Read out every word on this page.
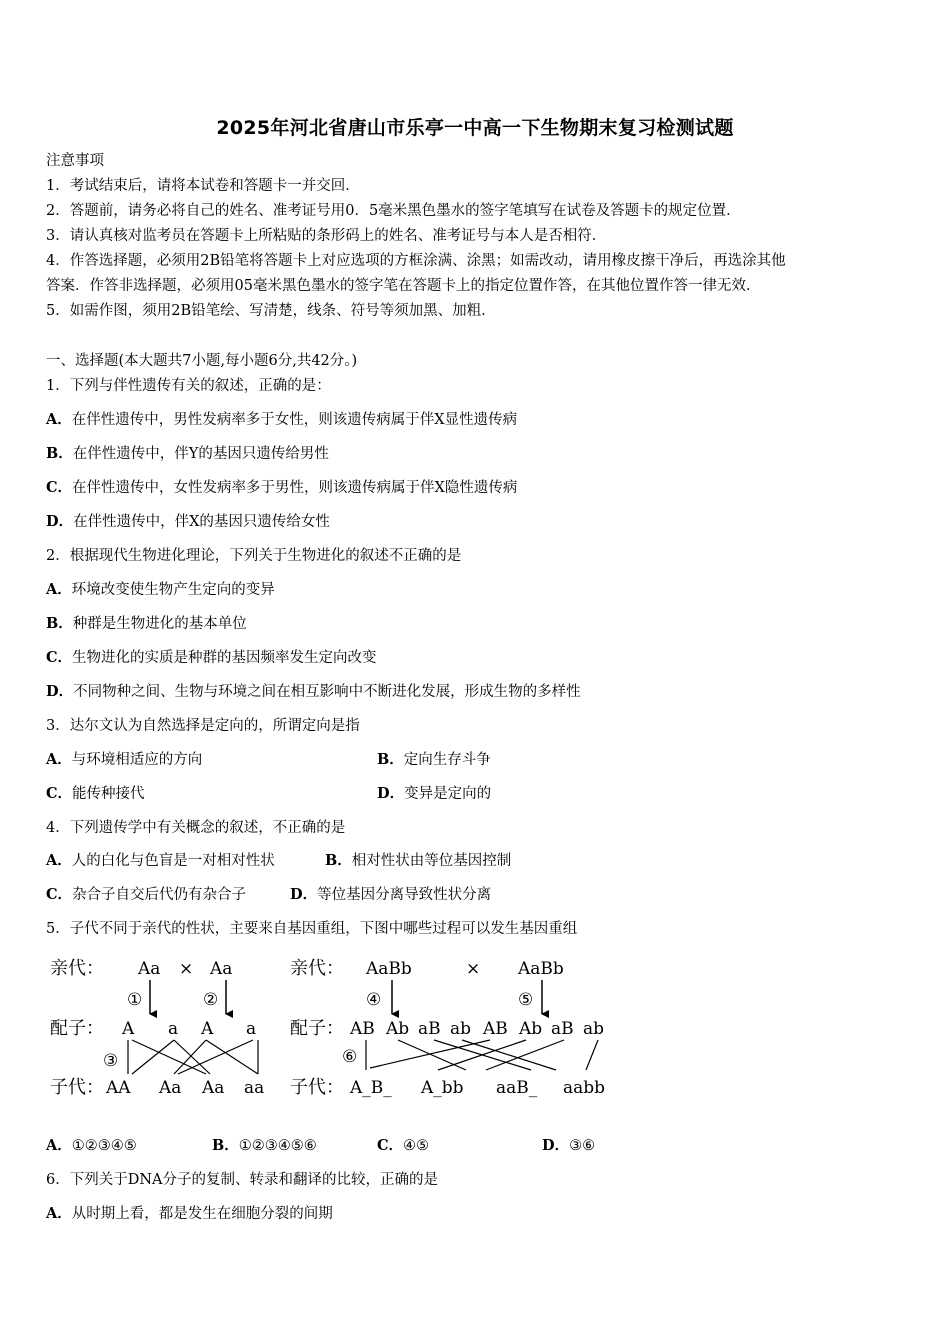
2025年河北省唐山市乐亭一中高一下生物期末复习检测试题
注意事项
1．考试结束后，请将本试卷和答题卡一并交回．
2．答题前，请务必将自己的姓名、准考证号用0．5毫米黑色墨水的签字笔填写在试卷及答题卡的规定位置．
3．请认真核对监考员在答题卡上所粘贴的条形码上的姓名、准考证号与本人是否相符．
4．作答选择题，必须用2B铅笔将答题卡上对应选项的方框涂满、涂黑；如需改动，请用橡皮擦干净后，再选涂其他
答案．作答非选择题，必须用05毫米黑色墨水的签字笔在答题卡上的指定位置作答，在其他位置作答一律无效．
5．如需作图，须用2B铅笔绘、写清楚，线条、符号等须加黑、加粗．
一、选择题(本大题共7小题,每小题6分,共42分。)
1．下列与伴性遗传有关的叙述，正确的是：
A．在伴性遗传中，男性发病率多于女性，则该遗传病属于伴X显性遗传病
B．在伴性遗传中，伴Y的基因只遗传给男性
C．在伴性遗传中，女性发病率多于男性，则该遗传病属于伴X隐性遗传病
D．在伴性遗传中，伴X的基因只遗传给女性
2．根据现代生物进化理论，下列关于生物进化的叙述不正确的是
A．环境改变使生物产生定向的变异
B．种群是生物进化的基本单位
C．生物进化的实质是种群的基因频率发生定向改变
D．不同物种之间、生物与环境之间在相互影响中不断进化发展，形成生物的多样性
3．达尔文认为自然选择是定向的，所谓定向是指
A．与环境相适应的方向	B．定向生存斗争
C．能传种接代	D．变异是定向的
4．下列遗传学中有关概念的叙述，不正确的是
A．人的白化与色盲是一对相对性状	B．相对性状由等位基因控制
C．杂合子自交后代仍有杂合子	D．等位基因分离导致性状分离
5．子代不同于亲代的性状，主要来自基因重组，下图中哪些过程可以发生基因重组
亲代： Aa × Aa
①	②
配子： A a A a
③
子代： AA Aa Aa aa
亲代： AaBb	× AaBb
④	⑤
配子： AB Ab aB ab AB Ab aB ab
⑥
子代： A_B_ A_bb aaB_ aabb
A．①②③④⑤	B．①②③④⑤⑥	C．④⑤	D．③⑥
6．下列关于DNA分子的复制、转录和翻译的比较，正确的是
A．从时期上看，都是发生在细胞分裂的间期
